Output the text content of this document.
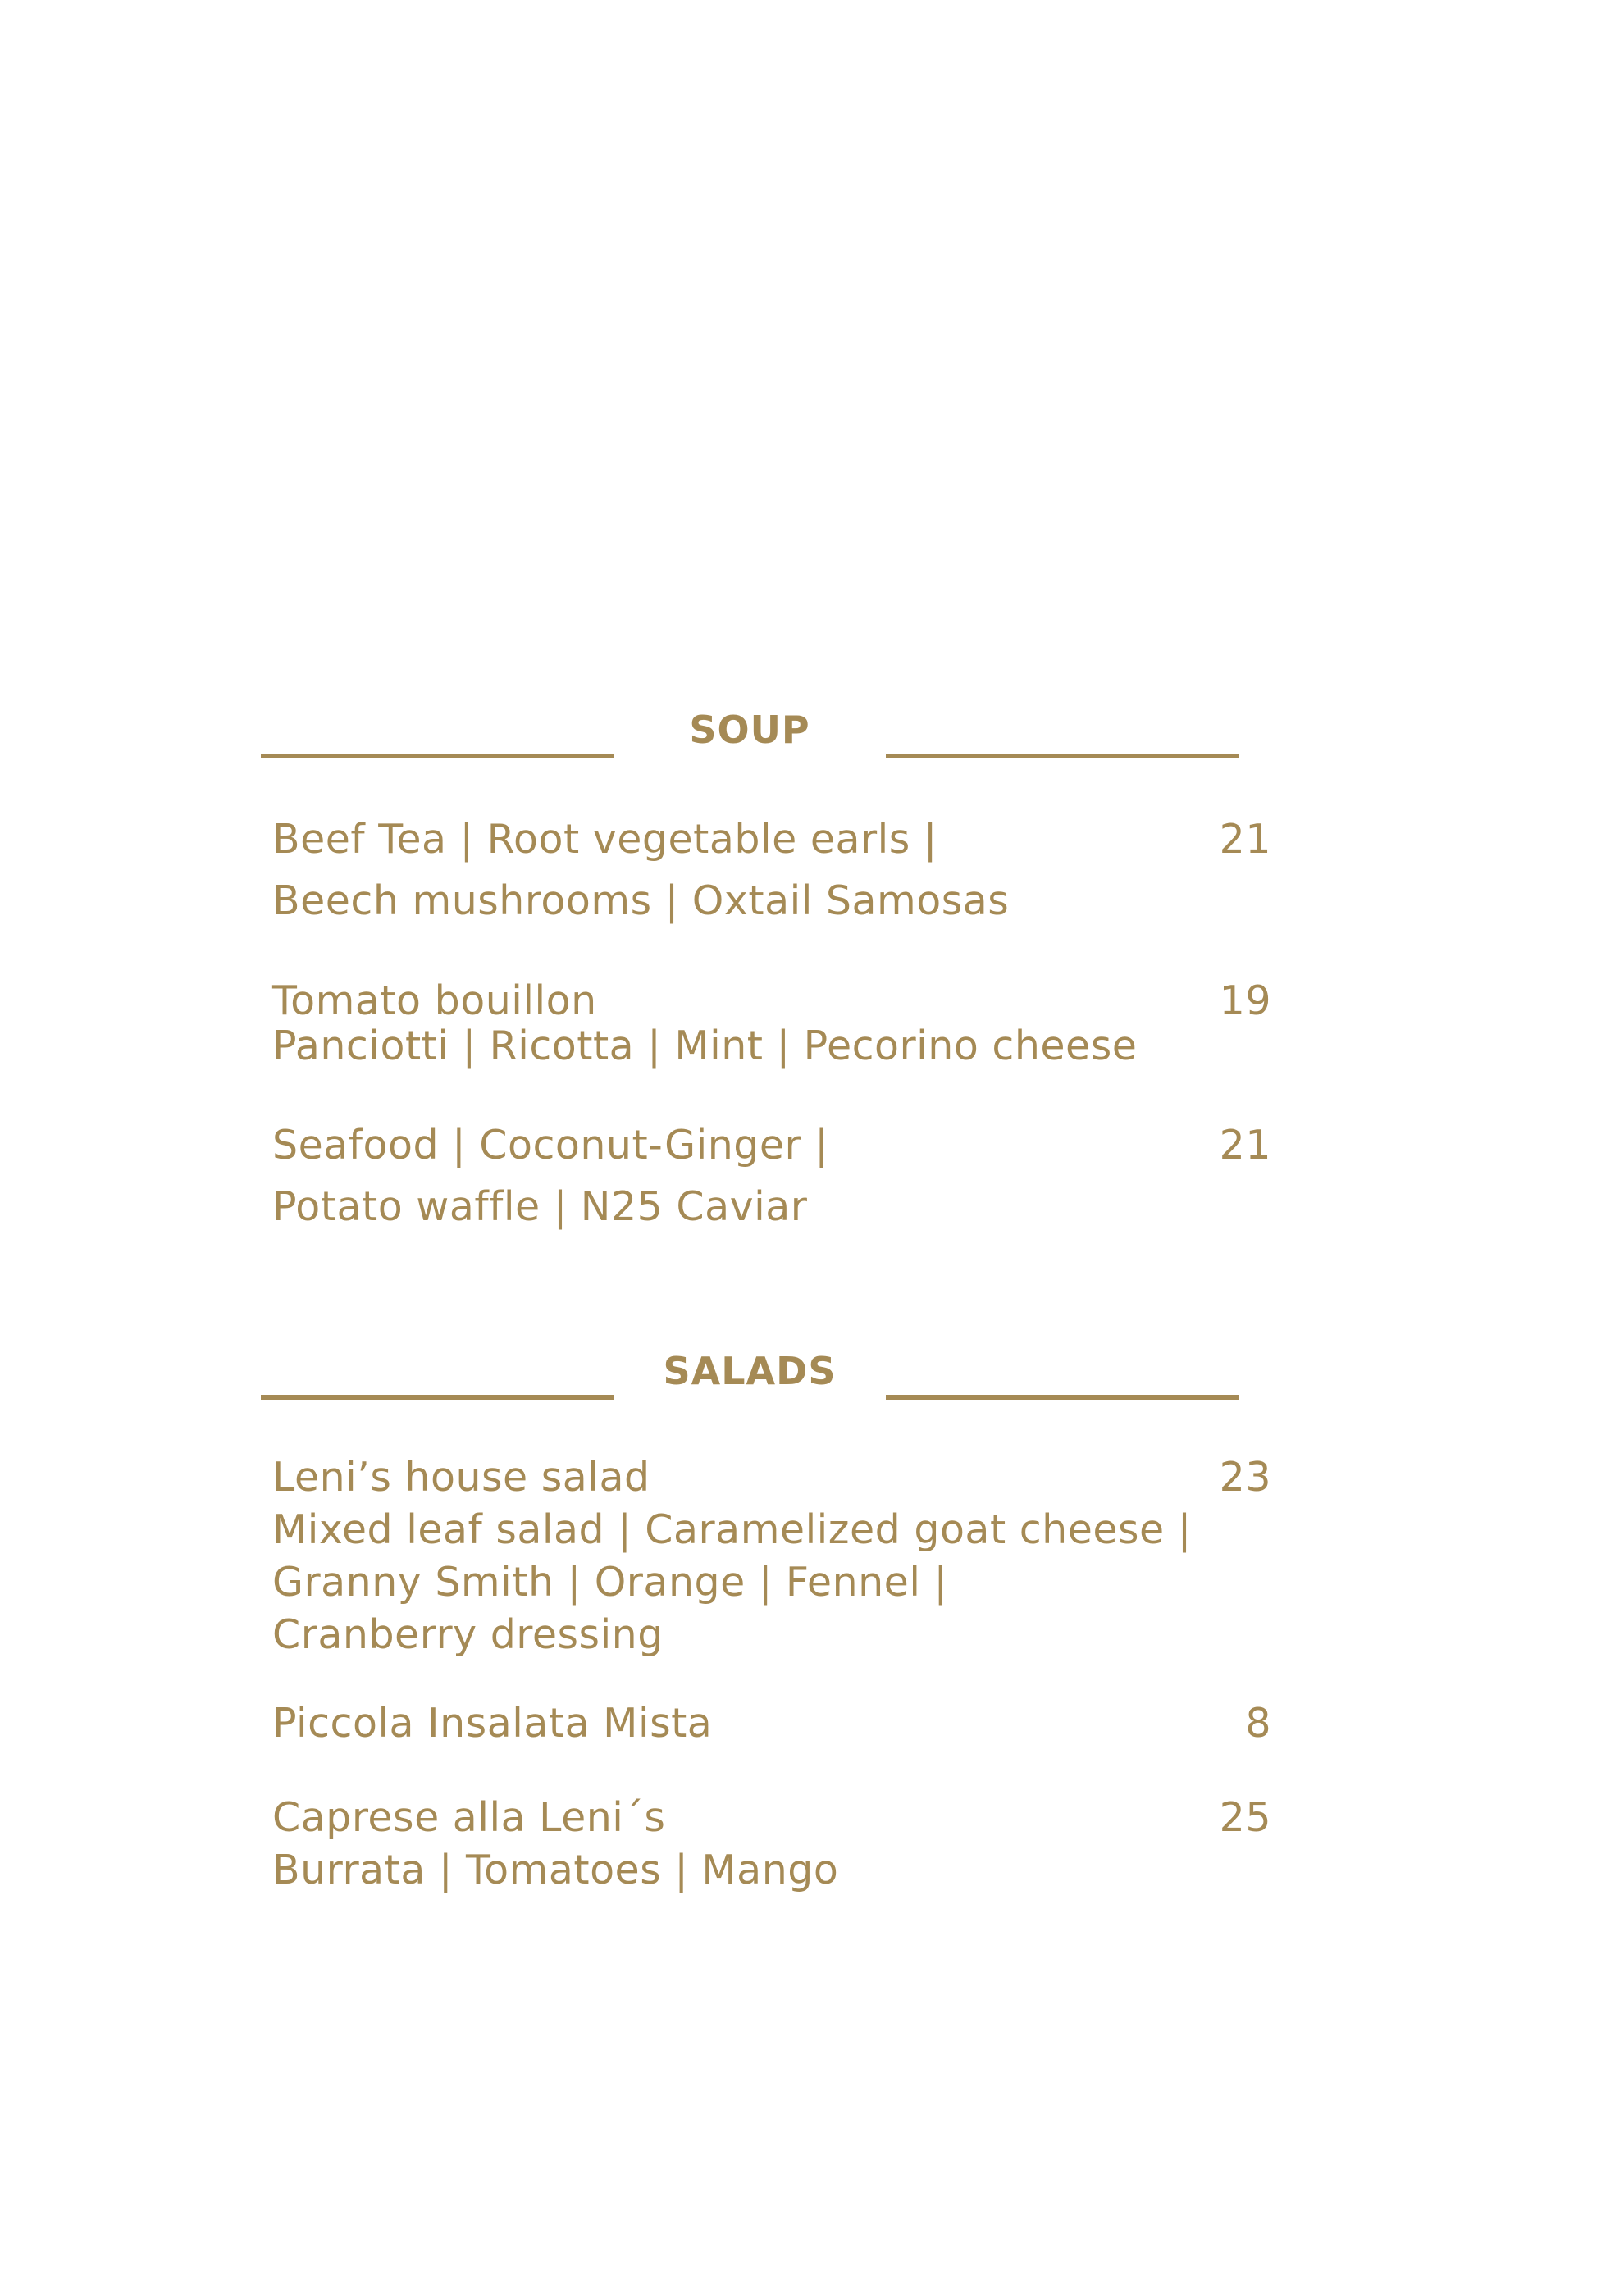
SOUP
Beef Tea | Root vegetable earls |
Beech mushrooms | Oxtail Samosas
21
Tomato bouillon
Panciotti | Ricotta | Mint | Pecorino cheese
19
Seafood | Coconut-Ginger |
Potato waffle | N25 Caviar
21
SALADS
Leni’s house salad
Mixed leaf salad | Caramelized goat cheese |
Granny Smith | Orange | Fennel |
Cranberry dressing
23
Piccola Insalata Mista	8
Caprese alla Leni´s
Burrata | Tomatoes | Mango
25
